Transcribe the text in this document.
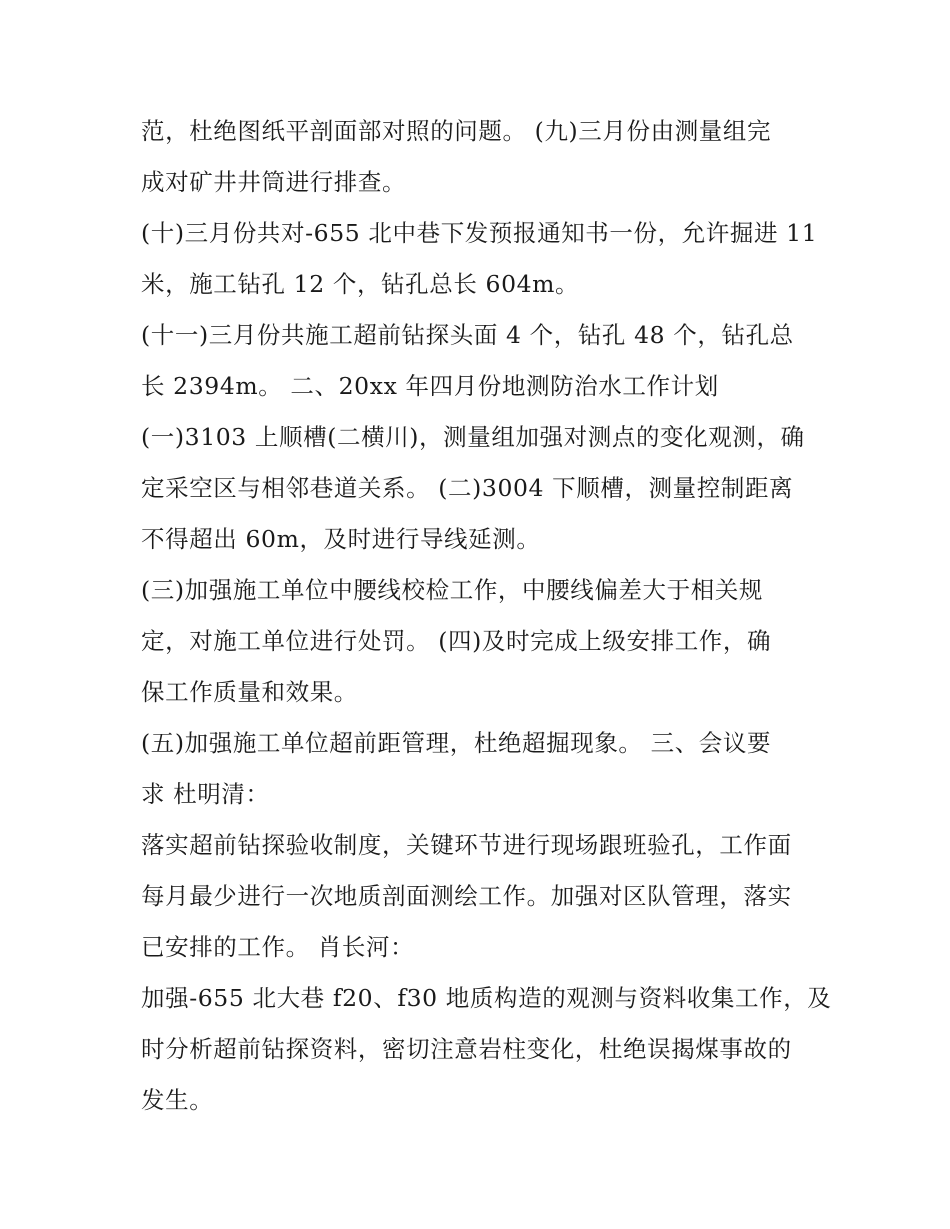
范，杜绝图纸平剖面部对照的问题。 (九)三月份由测量组完
成对矿井井筒进行排查。
(十)三月份共对-655 北中巷下发预报通知书一份，允许掘进 11
米，施工钻孔 12 个，钻孔总长 604m。
(十一)三月份共施工超前钻探头面 4 个，钻孔 48 个，钻孔总
长 2394m。 二、20xx 年四月份地测防治水工作计划
(一)3103 上顺槽(二横川)，测量组加强对测点的变化观测，确
定采空区与相邻巷道关系。 (二)3004 下顺槽，测量控制距离
不得超出 60m，及时进行导线延测。
(三)加强施工单位中腰线校检工作，中腰线偏差大于相关规
定，对施工单位进行处罚。 (四)及时完成上级安排工作，确
保工作质量和效果。
(五)加强施工单位超前距管理，杜绝超掘现象。 三、会议要
求 杜明清：
落实超前钻探验收制度，关键环节进行现场跟班验孔，工作面
每月最少进行一次地质剖面测绘工作。加强对区队管理，落实
已安排的工作。 肖长河：
加强-655 北大巷 f20、f30 地质构造的观测与资料收集工作，及
时分析超前钻探资料，密切注意岩柱变化，杜绝误揭煤事故的
发生。
